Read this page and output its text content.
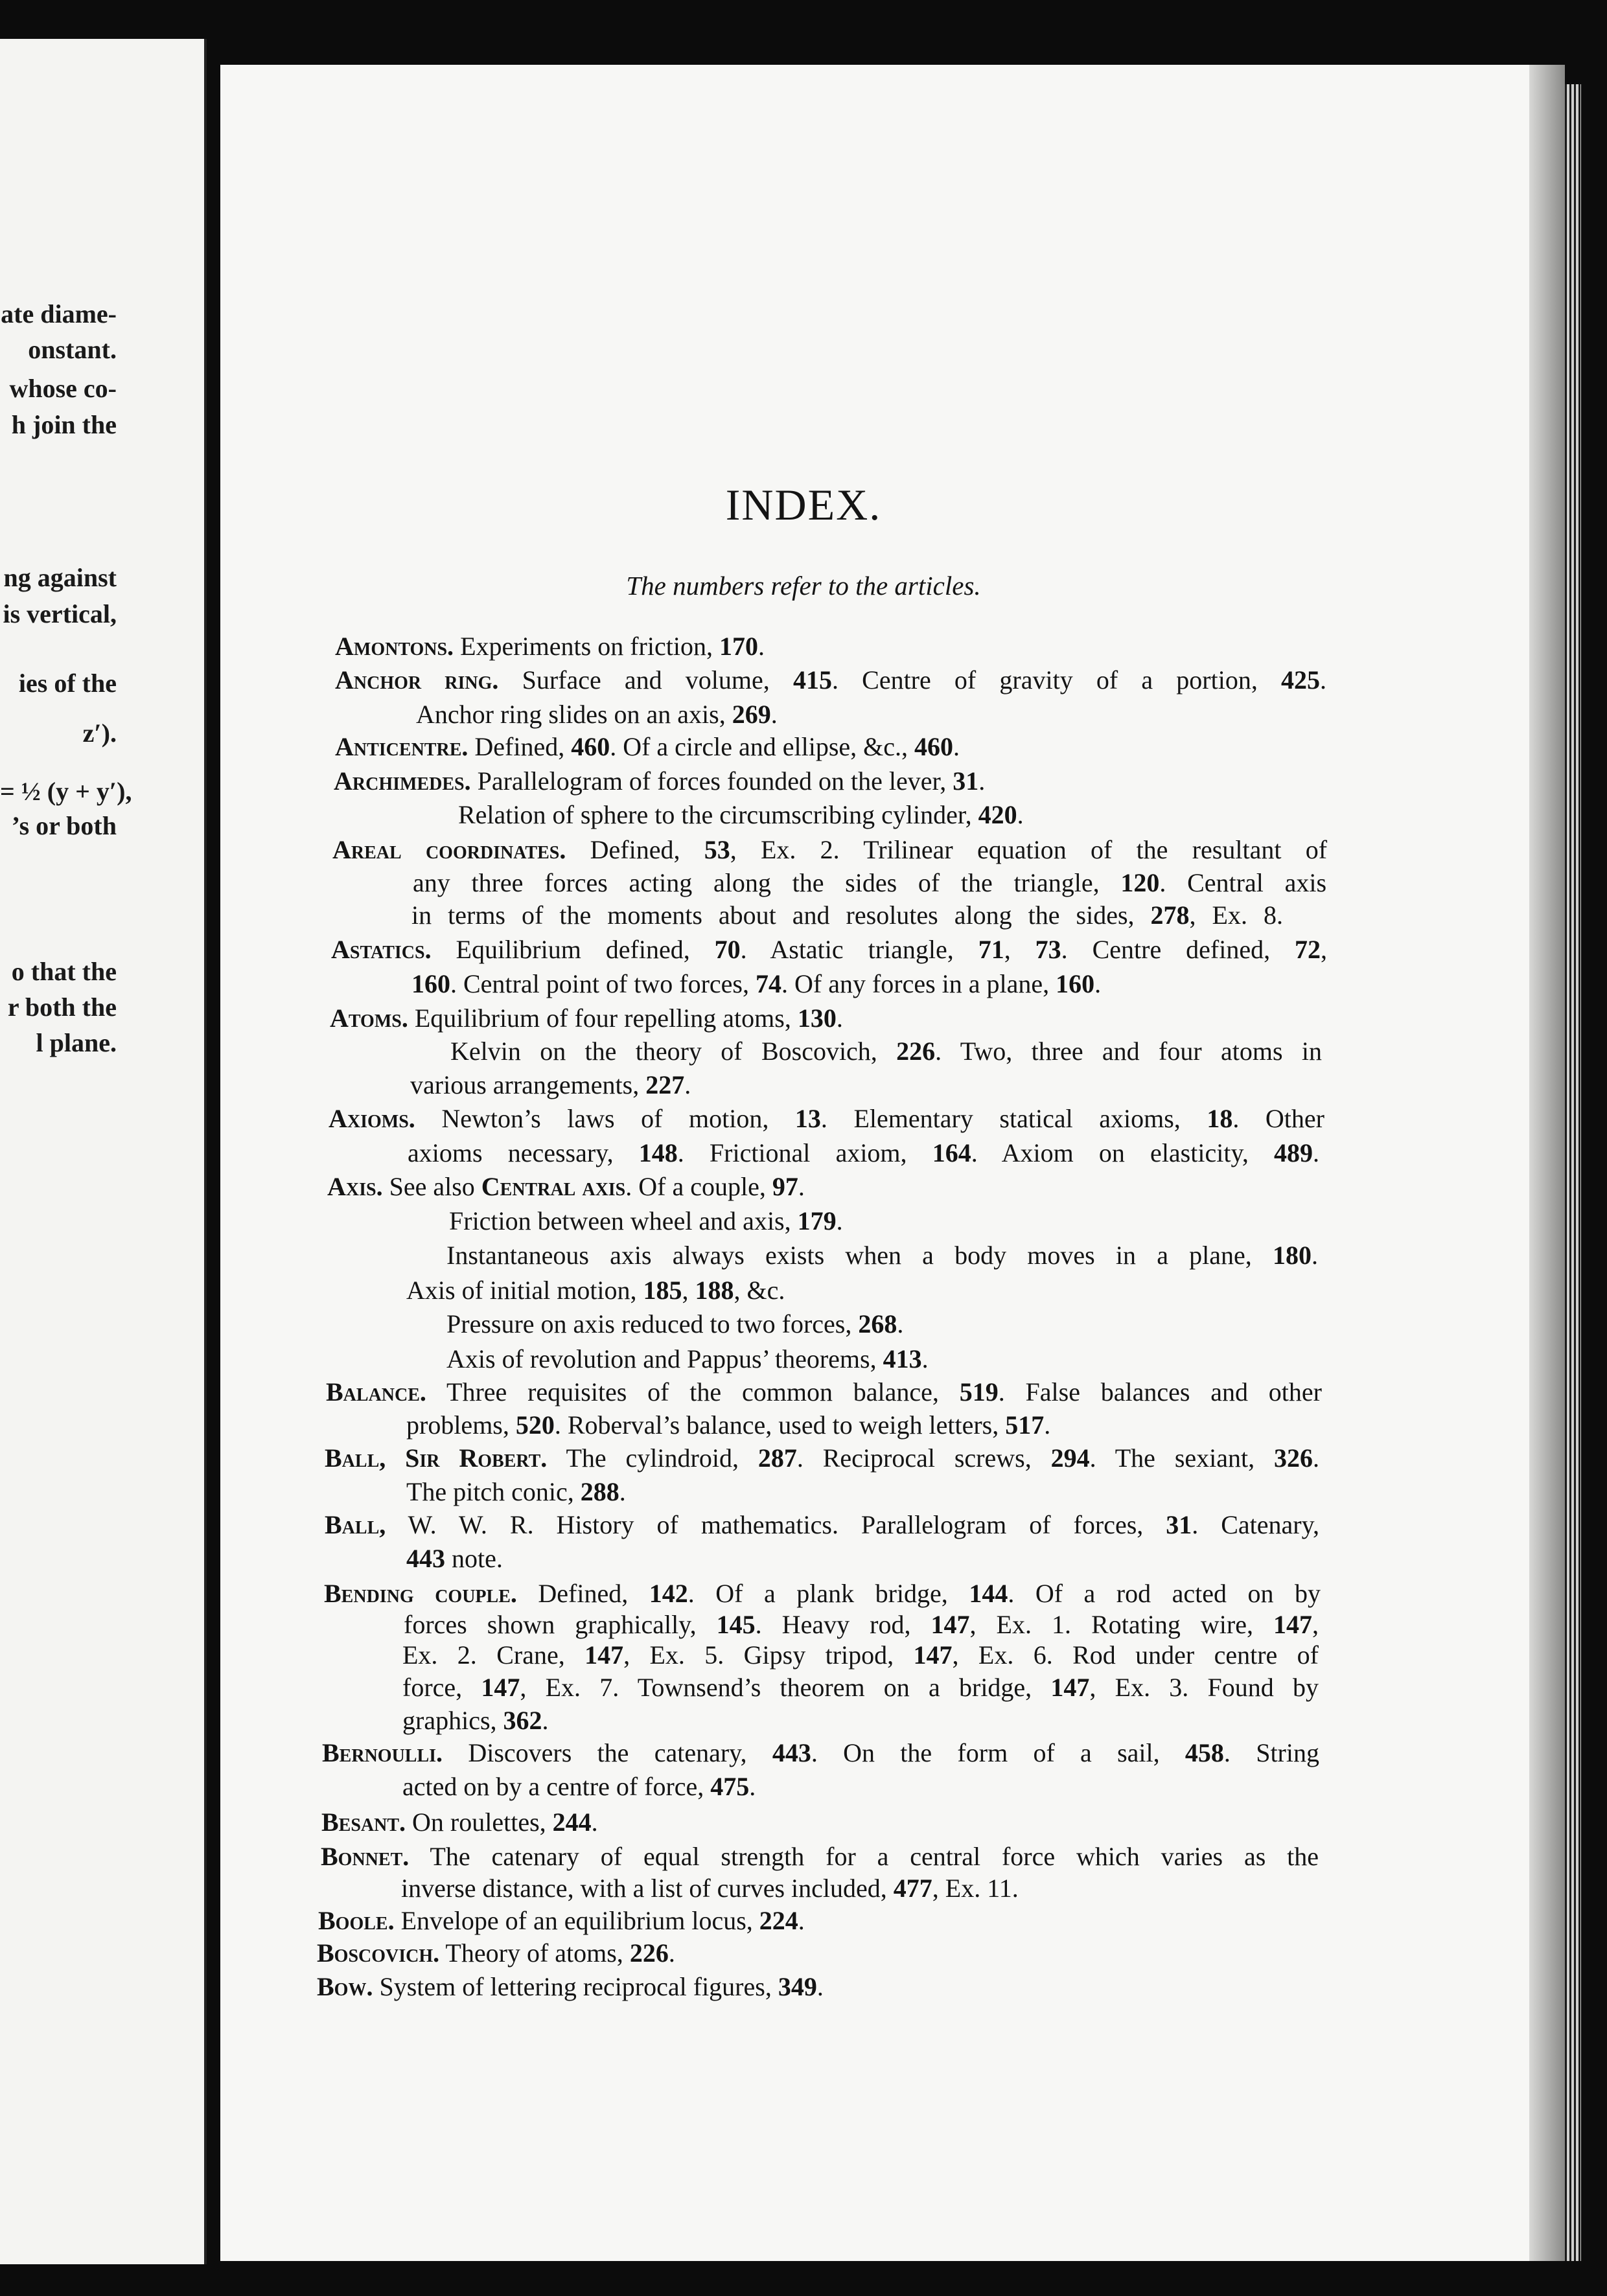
ate diame-
onstant.
whose co-
h join the
ng against
is vertical,
ies of the
z′).
= ½ (y + y′),
’s or both
o that the
r both the
l plane.
INDEX.
The numbers refer to the articles.
Amontons. Experiments on friction, 170.
Anchor ring. Surface and volume, 415. Centre of gravity of a portion, 425.
Anchor ring slides on an axis, 269.
Anticentre. Defined, 460. Of a circle and ellipse, &c., 460.
Archimedes. Parallelogram of forces founded on the lever, 31.
Relation of sphere to the circumscribing cylinder, 420.
Areal coordinates. Defined, 53, Ex. 2. Trilinear equation of the resultant of
any three forces acting along the sides of the triangle, 120. Central axis
in terms of the moments about and resolutes along the sides, 278, Ex. 8.
Astatics. Equilibrium defined, 70. Astatic triangle, 71, 73. Centre defined, 72,
160. Central point of two forces, 74. Of any forces in a plane, 160.
Atoms. Equilibrium of four repelling atoms, 130.
Kelvin on the theory of Boscovich, 226. Two, three and four atoms in
various arrangements, 227.
Axioms. Newton’s laws of motion, 13. Elementary statical axioms, 18. Other
axioms necessary, 148. Frictional axiom, 164. Axiom on elasticity, 489.
Axis. See also Central axis. Of a couple, 97.
Friction between wheel and axis, 179.
Instantaneous axis always exists when a body moves in a plane, 180.
Axis of initial motion, 185, 188, &c.
Pressure on axis reduced to two forces, 268.
Axis of revolution and Pappus’ theorems, 413.
Balance. Three requisites of the common balance, 519. False balances and other
problems, 520. Roberval’s balance, used to weigh letters, 517.
Ball, Sir Robert. The cylindroid, 287. Reciprocal screws, 294. The sexiant, 326.
The pitch conic, 288.
Ball, W. W. R. History of mathematics. Parallelogram of forces, 31. Catenary,
443 note.
Bending couple. Defined, 142. Of a plank bridge, 144. Of a rod acted on by
forces shown graphically, 145. Heavy rod, 147, Ex. 1. Rotating wire, 147,
Ex. 2. Crane, 147, Ex. 5. Gipsy tripod, 147, Ex. 6. Rod under centre of
force, 147, Ex. 7. Townsend’s theorem on a bridge, 147, Ex. 3. Found by
graphics, 362.
Bernoulli. Discovers the catenary, 443. On the form of a sail, 458. String
acted on by a centre of force, 475.
Besant. On roulettes, 244.
Bonnet. The catenary of equal strength for a central force which varies as the
inverse distance, with a list of curves included, 477, Ex. 11.
Boole. Envelope of an equilibrium locus, 224.
Boscovich. Theory of atoms, 226.
Bow. System of lettering reciprocal figures, 349.
